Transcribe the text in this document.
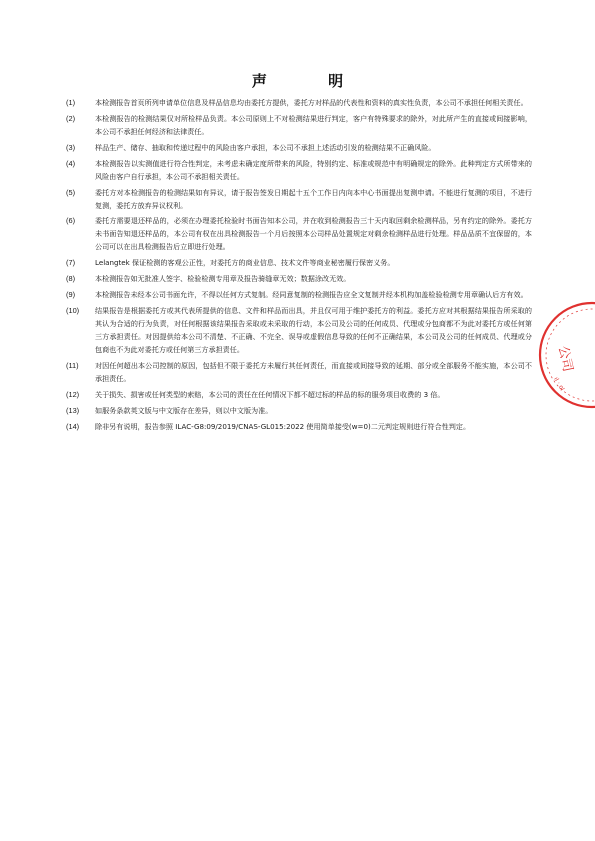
声 明
(1)	本检测报告首页所列申请单位信息及样品信息均由委托方提供，委托方对样品的代表性和资料的真实性负责，本公司不承担任何相关责任。
(2)	本检测报告的检测结果仅对所检样品负责。本公司原则上不对检测结果进行判定，客户有特殊要求的除外，对此所产生的直接或间接影响，本公司不承担任何经济和法律责任。
(3)	样品生产、储存、抽取和传递过程中的风险由客户承担，本公司不承担上述活动引发的检测结果不正确风险。
(4)	本检测报告以实测值进行符合性判定，未考虑未确定度所带来的风险，特别约定、标准或规范中有明确规定的除外。此种判定方式所带来的风险由客户自行承担，本公司不承担相关责任。
(5)	委托方对本检测报告的检测结果如有异议，请于报告签发日期起十五个工作日内向本中心书面提出复测申请。不能进行复测的项目，不进行复测，委托方放弃异议权利。
(6)	委托方需要退还样品的，必须在办理委托检验时书面告知本公司，并在收到检测报告三十天内取回剩余检测样品，另有约定的除外。委托方未书面告知退还样品的，本公司有权在出具检测报告一个月后按照本公司样品处置规定对剩余检测样品进行处理。样品品质不宜保留的，本公司可以在出具检测报告后立即进行处理。
(7)	Lelangtek 保证检测的客观公正性，对委托方的商业信息、技术文件等商业秘密履行保密义务。
(8)	本检测报告如无批准人签字、检验检测专用章及报告骑缝章无效；数据涂改无效。
(9)	本检测报告未经本公司书面允许，不得以任何方式复制。经同意复制的检测报告应全文复制并经本机构加盖检验检测专用章确认后方有效。
(10)	结果报告是根据委托方或其代表所提供的信息、文件和样品而出具，并且仅可用于维护委托方的利益。委托方应对其根据结果报告所采取的其认为合适的行为负责，对任何根据该结果报告采取或未采取的行动，本公司及公司的任何成员、代理或分包商都不为此对委托方或任何第三方承担责任。对因提供给本公司不清楚、不正确、不完全、误导或虚假信息导致的任何不正确结果，本公司及公司的任何成员、代理或分包商也不为此对委托方或任何第三方承担责任。
(11)	对因任何超出本公司控制的原因，包括但不限于委托方未履行其任何责任，而直接或间接导致的延期、部分或全部服务不能实施，本公司不承担责任。
(12)	关于损失、损害或任何类型的索赔，本公司的责任在任何情况下都不超过标的样品的标的服务项目收费的 3 倍。
(13)	如服务条款英文版与中文版存在差异，则以中文版为准。
(14)	除非另有说明，报告参照 ILAC-G8:09/2019/CNAS-GL015:2022 使用简单接受(w=0)二元判定规则进行符合性判定。
公司
ıI · ol
